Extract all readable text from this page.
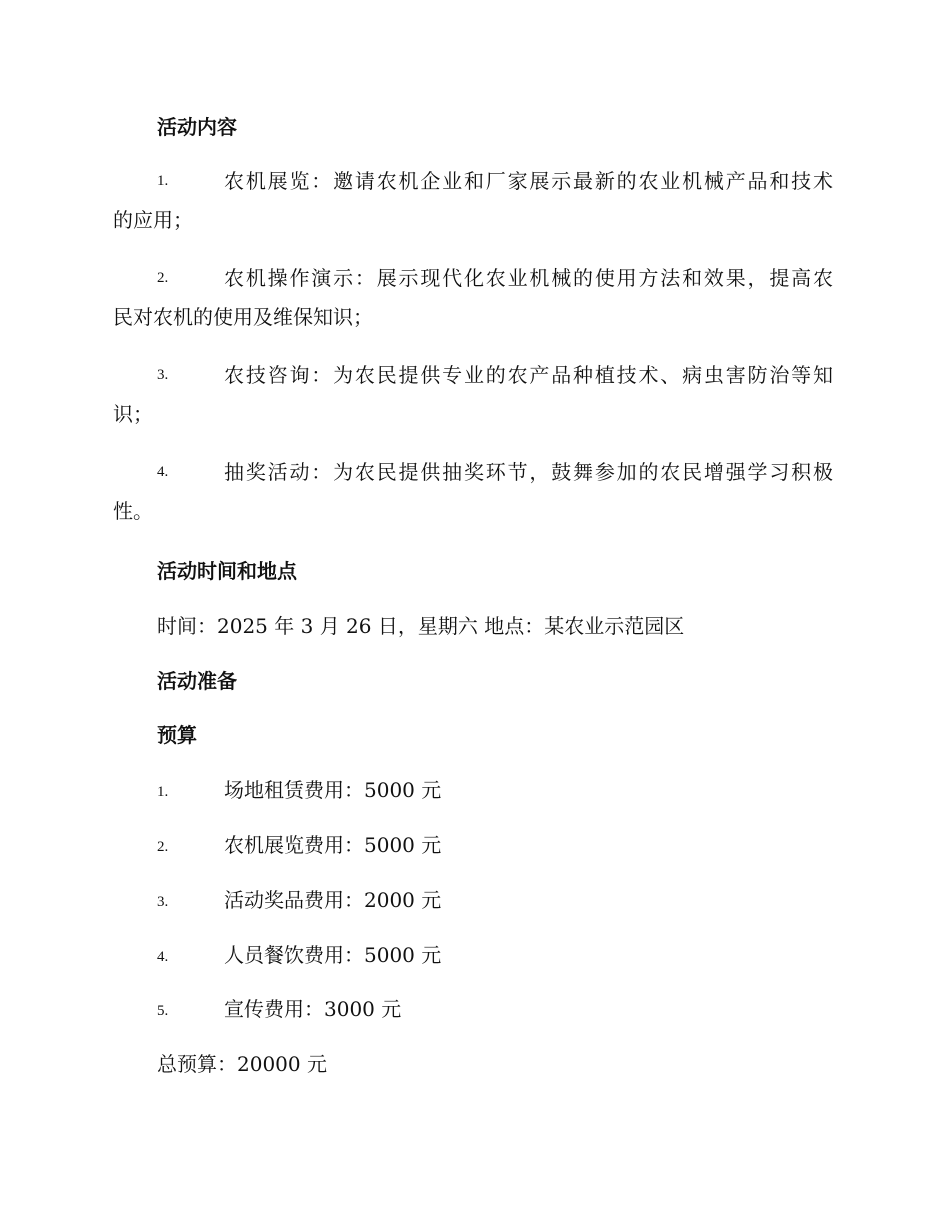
活动内容
1.	农机展览：邀请农机企业和厂家展示最新的农业机械产品和技术
的应用；
2.	农机操作演示：展示现代化农业机械的使用方法和效果，提高农
民对农机的使用及维保知识；
3.	农技咨询：为农民提供专业的农产品种植技术、病虫害防治等知
识；
4.	抽奖活动：为农民提供抽奖环节，鼓舞参加的农民增强学习积极
性。
活动时间和地点
时间：2025 年 3 月 26 日，星期六 地点：某农业示范园区
活动准备
预算
1.	场地租赁费用：5000 元
2.	农机展览费用：5000 元
3.	活动奖品费用：2000 元
4.	人员餐饮费用：5000 元
5.	宣传费用：3000 元
总预算：20000 元
